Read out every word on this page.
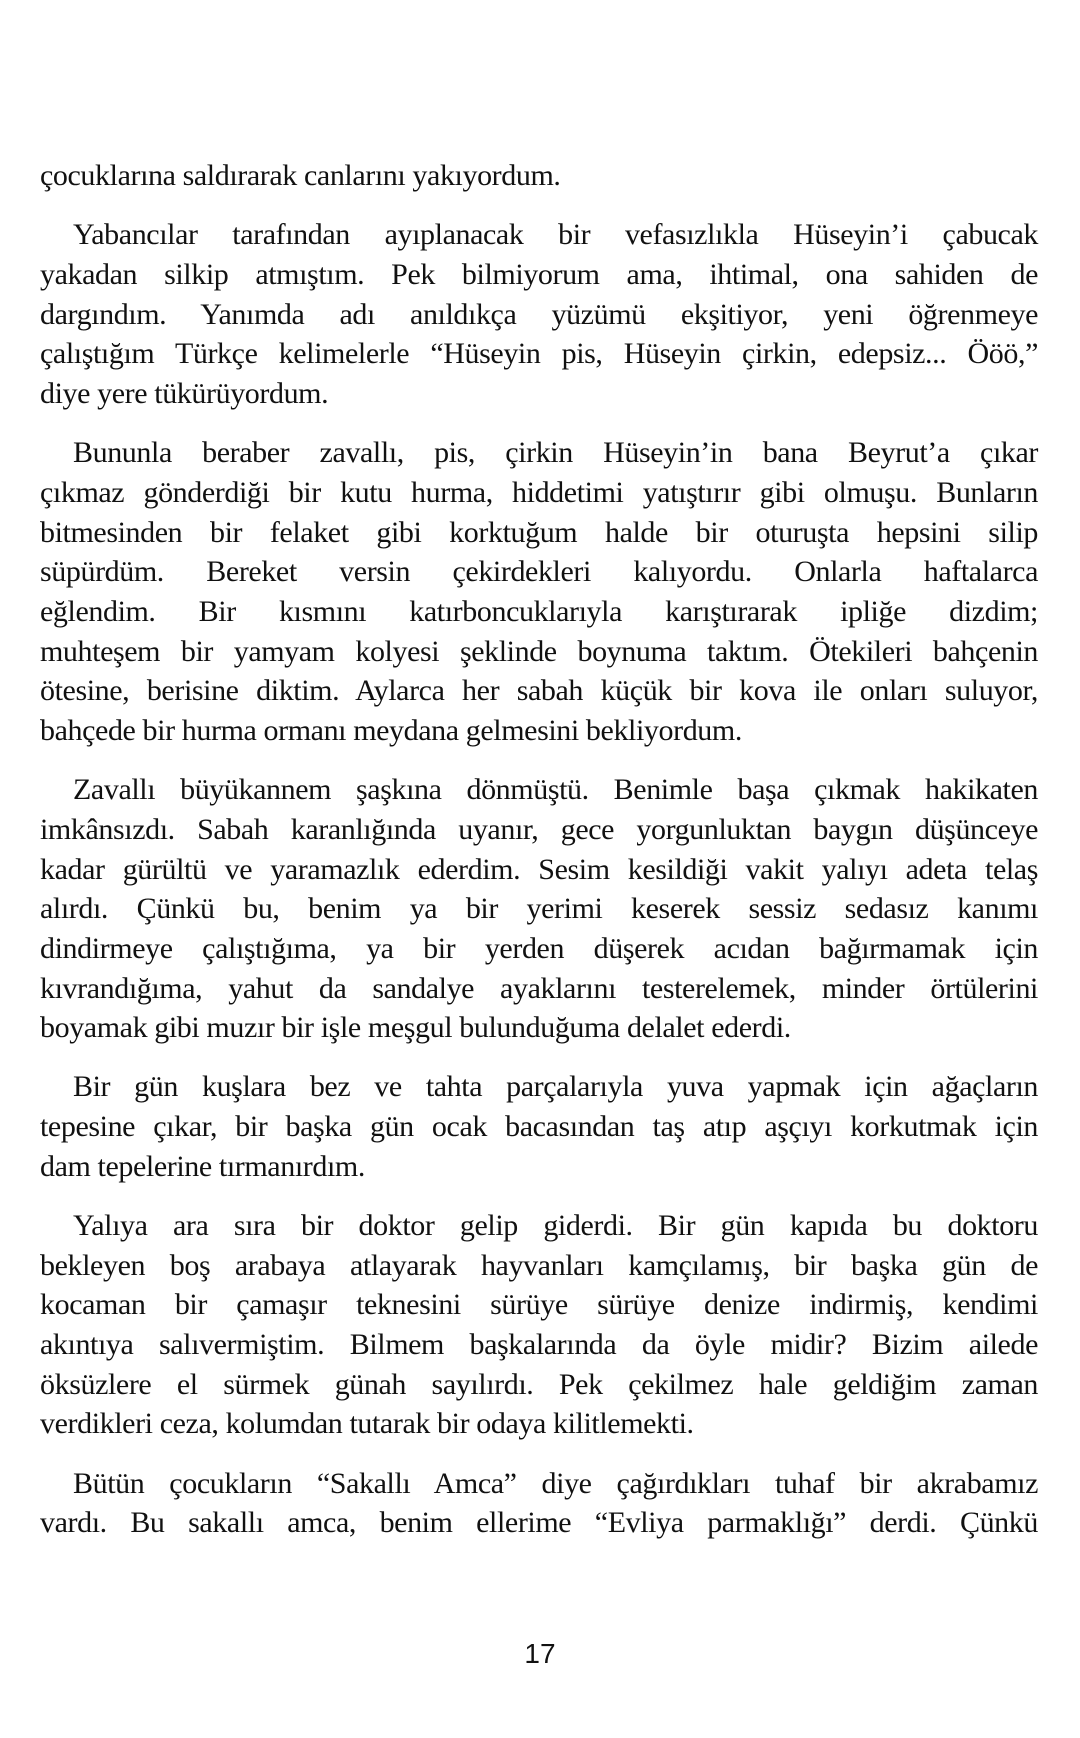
çocuklarına saldırarak canlarını yakıyordum.
Yabancılar tarafından ayıplanacak bir vefasızlıkla Hüseyin’i çabucak
yakadan silkip atmıştım. Pek bilmiyorum ama, ihtimal, ona sahiden de
dargındım. Yanımda adı anıldıkça yüzümü ekşitiyor, yeni öğrenmeye
çalıştığım Türkçe kelimelerle “Hüseyin pis, Hüseyin çirkin, edepsiz... Ööö,”
diye yere tükürüyordum.
Bununla beraber zavallı, pis, çirkin Hüseyin’in bana Beyrut’a çıkar
çıkmaz gönderdiği bir kutu hurma, hiddetimi yatıştırır gibi olmuşu. Bunların
bitmesinden bir felaket gibi korktuğum halde bir oturuşta hepsini silip
süpürdüm. Bereket versin çekirdekleri kalıyordu. Onlarla haftalarca
eğlendim. Bir kısmını katırboncuklarıyla karıştırarak ipliğe dizdim;
muhteşem bir yamyam kolyesi şeklinde boynuma taktım. Ötekileri bahçenin
ötesine, berisine diktim. Aylarca her sabah küçük bir kova ile onları suluyor,
bahçede bir hurma ormanı meydana gelmesini bekliyordum.
Zavallı büyükannem şaşkına dönmüştü. Benimle başa çıkmak hakikaten
imkânsızdı. Sabah karanlığında uyanır, gece yorgunluktan baygın düşünceye
kadar gürültü ve yaramazlık ederdim. Sesim kesildiği vakit yalıyı adeta telaş
alırdı. Çünkü bu, benim ya bir yerimi keserek sessiz sedasız kanımı
dindirmeye çalıştığıma, ya bir yerden düşerek acıdan bağırmamak için
kıvrandığıma, yahut da sandalye ayaklarını testerelemek, minder örtülerini
boyamak gibi muzır bir işle meşgul bulunduğuma delalet ederdi.
Bir gün kuşlara bez ve tahta parçalarıyla yuva yapmak için ağaçların
tepesine çıkar, bir başka gün ocak bacasından taş atıp aşçıyı korkutmak için
dam tepelerine tırmanırdım.
Yalıya ara sıra bir doktor gelip giderdi. Bir gün kapıda bu doktoru
bekleyen boş arabaya atlayarak hayvanları kamçılamış, bir başka gün de
kocaman bir çamaşır teknesini sürüye sürüye denize indirmiş, kendimi
akıntıya salıvermiştim. Bilmem başkalarında da öyle midir? Bizim ailede
öksüzlere el sürmek günah sayılırdı. Pek çekilmez hale geldiğim zaman
verdikleri ceza, kolumdan tutarak bir odaya kilitlemekti.
Bütün çocukların “Sakallı Amca” diye çağırdıkları tuhaf bir akrabamız
vardı. Bu sakallı amca, benim ellerime “Evliya parmaklığı” derdi. Çünkü
17
